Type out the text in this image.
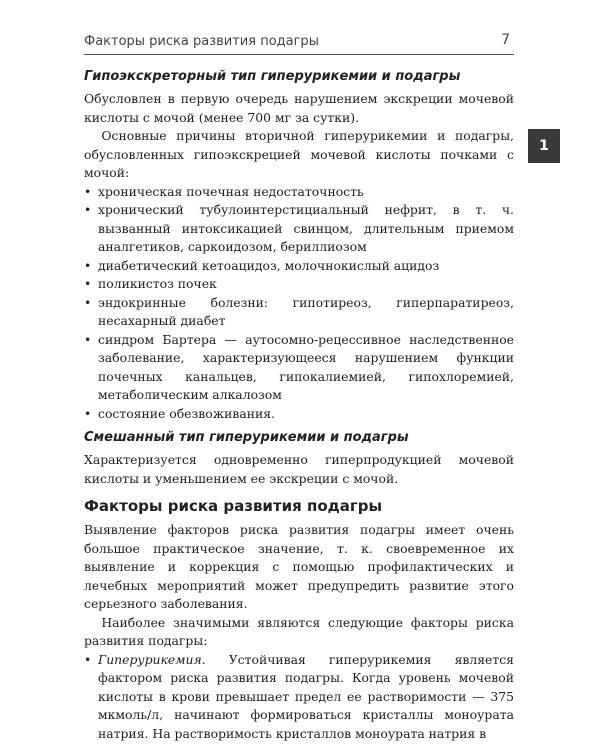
Факторы риска развития подагры	7
1
Гипоэкскреторный тип гиперурикемии и подагры

Обусловлен в первую очередь нарушением экскреции мочевой кислоты с мочой (менее 700 мг за сутки).

Основные причины вторичной гиперурикемии и подагры, обусловленных гипоэкскрецией мочевой кислоты почками с мочой:

• хроническая почечная недостаточность
• хронический тубулоинтерстициальный нефрит, в т. ч. вызванный интоксикацией свинцом, длительным приемом аналгетиков, саркоидозом, бериллиозом
• диабетический кетоацидоз, молочнокислый ацидоз
• поликистоз почек
• эндокринные болезни: гипотиреоз, гиперпаратиреоз, несахарный диабет
• синдром Бартера — аутосомно-рецессивное наследственное заболевание, характеризующееся нарушением функции почечных канальцев, гипокалиемией, гипохлоремией, метаболическим алкалозом
• состояние обезвоживания.
Смешанный тип гиперурикемии и подагры

Характеризуется одновременно гиперпродукцией мочевой кислоты и уменьшением ее экскреции с мочой.

Факторы риска развития подагры

Выявление факторов риска развития подагры имеет очень большое практическое значение, т. к. своевременное их выявление и коррекция с помощью профилактических и лечебных мероприятий может предупредить развитие этого серьезного заболевания.

Наиболее значимыми являются следующие факторы риска развития подагры:

• Гиперурикемия. Устойчивая гиперурикемия является фактором риска развития подагры. Когда уровень мочевой кислоты в крови превышает предел ее растворимости — 375 мкмоль/л, начинают формироваться кристаллы моноурата натрия. На растворимость кристаллов моноурата натрия в
